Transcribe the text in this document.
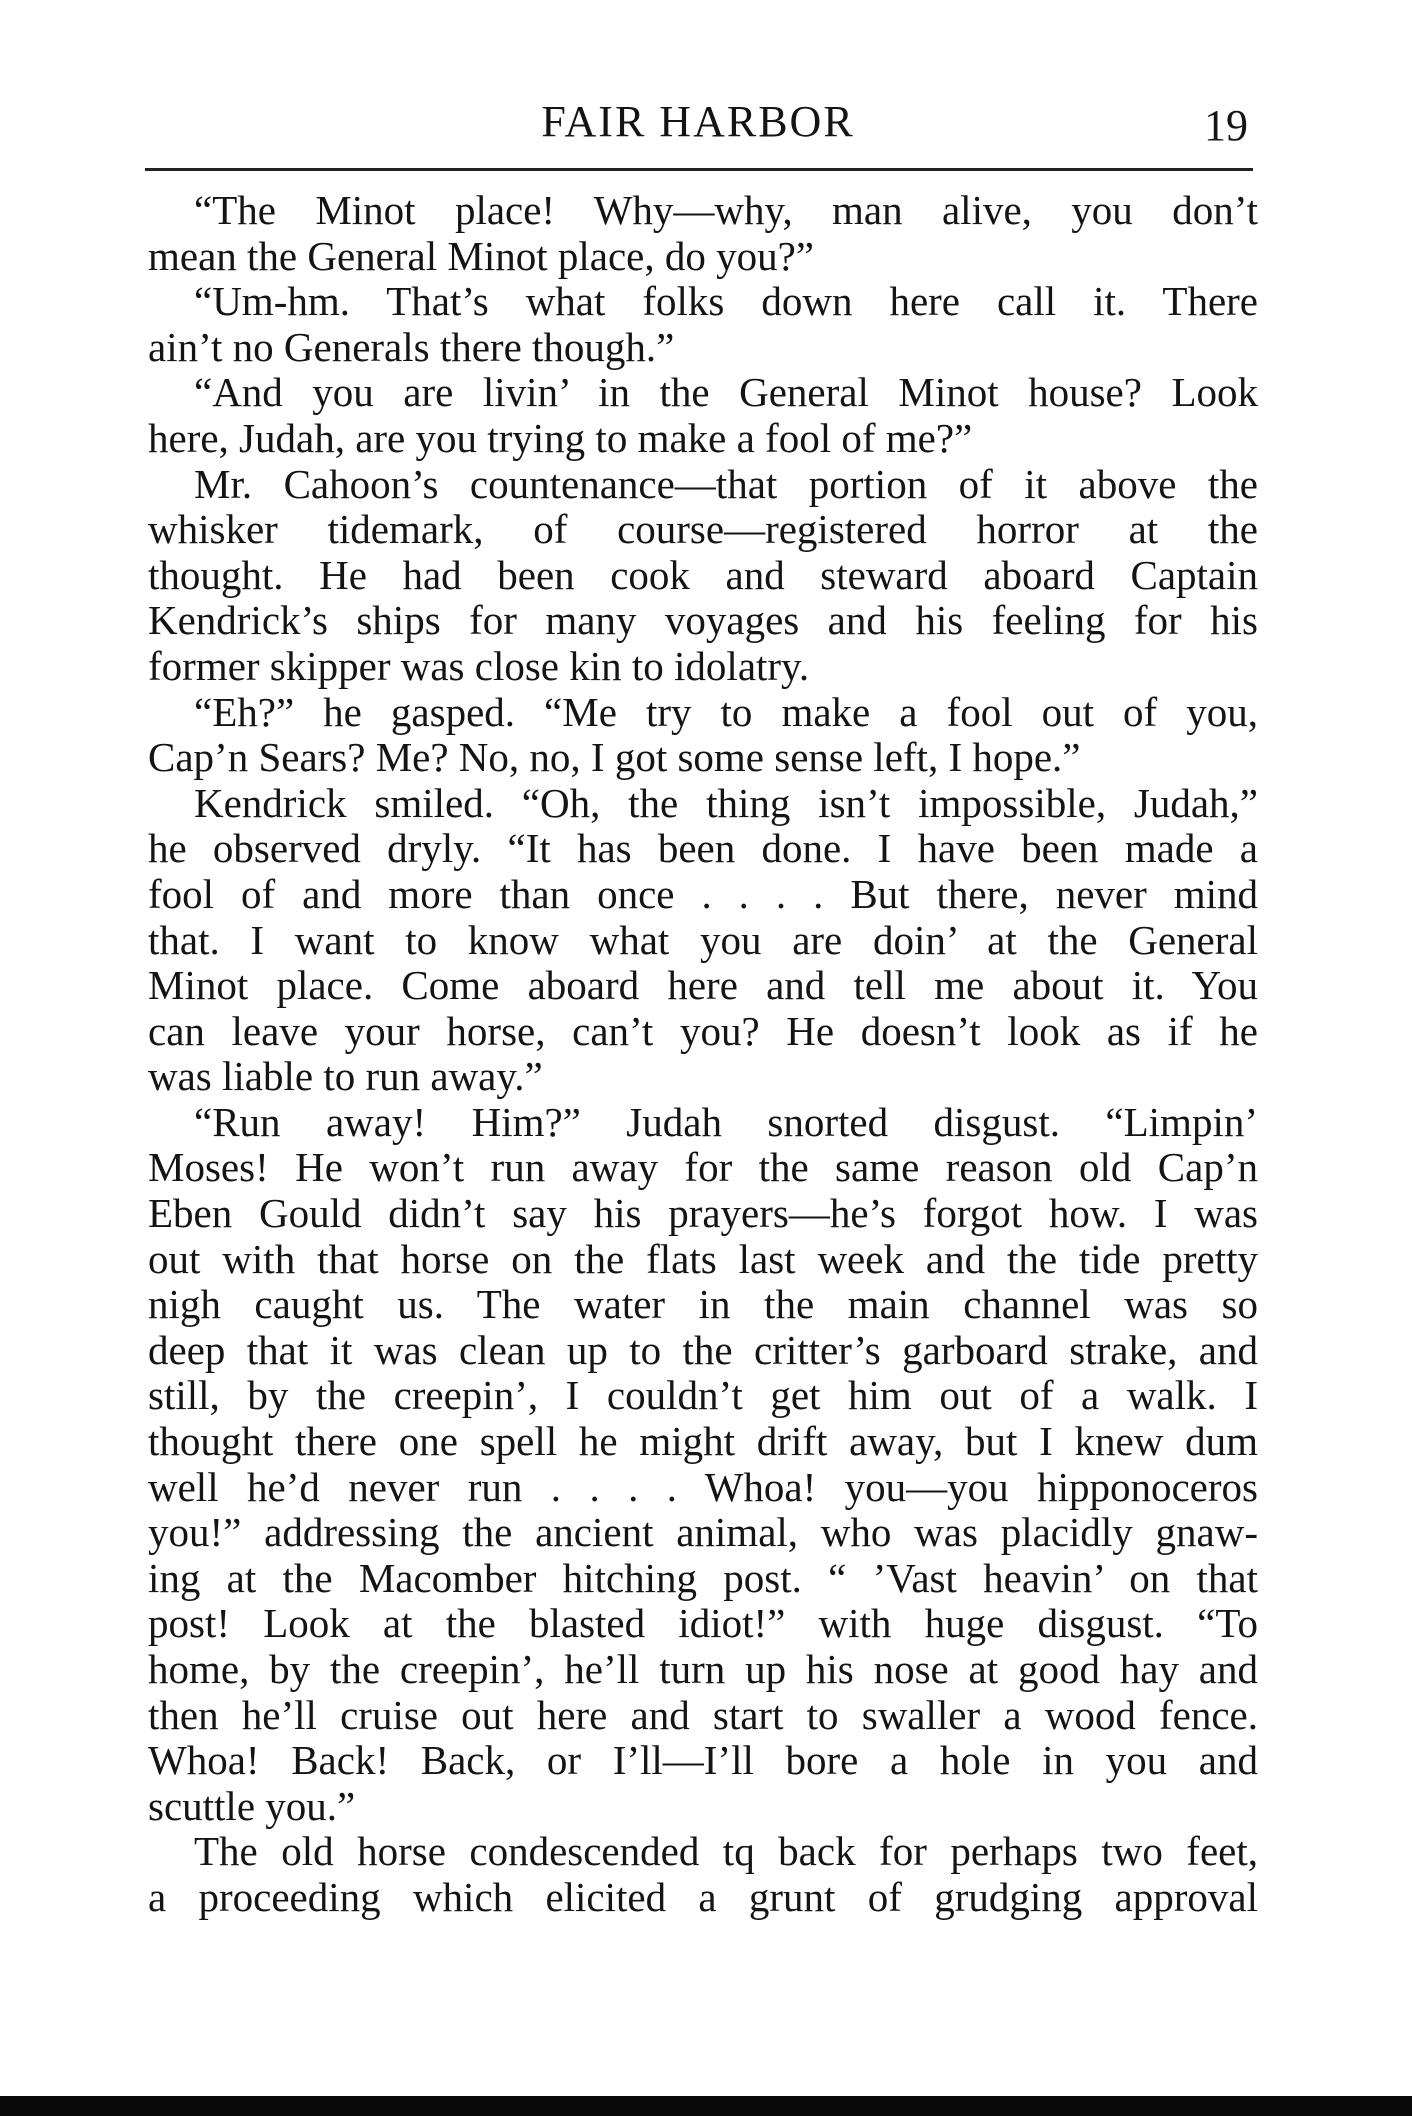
FAIR HARBOR	19
“The Minot place! Why—why, man alive, you don’t
mean the General Minot place, do you?”
“Um-hm. That’s what folks down here call it. There
ain’t no Generals there though.”
“And you are livin’ in the General Minot house? Look
here, Judah, are you trying to make a fool of me?”
Mr. Cahoon’s countenance—that portion of it above the
whisker tidemark, of course—registered horror at the
thought. He had been cook and steward aboard Captain
Kendrick’s ships for many voyages and his feeling for his
former skipper was close kin to idolatry.
“Eh?” he gasped. “Me try to make a fool out of you,
Cap’n Sears? Me? No, no, I got some sense left, I hope.”
Kendrick smiled. “Oh, the thing isn’t impossible, Judah,”
he observed dryly. “It has been done. I have been made a
fool of and more than once . . . . But there, never mind
that. I want to know what you are doin’ at the General
Minot place. Come aboard here and tell me about it. You
can leave your horse, can’t you? He doesn’t look as if he
was liable to run away.”
“Run away! Him?” Judah snorted disgust. “Limpin’
Moses! He won’t run away for the same reason old Cap’n
Eben Gould didn’t say his prayers—he’s forgot how. I was
out with that horse on the flats last week and the tide pretty
nigh caught us. The water in the main channel was so
deep that it was clean up to the critter’s garboard strake, and
still, by the creepin’, I couldn’t get him out of a walk. I
thought there one spell he might drift away, but I knew dum
well he’d never run . . . . Whoa! you—you hipponoceros
you!” addressing the ancient animal, who was placidly gnaw-
ing at the Macomber hitching post. “ ’Vast heavin’ on that
post! Look at the blasted idiot!” with huge disgust. “To
home, by the creepin’, he’ll turn up his nose at good hay and
then he’ll cruise out here and start to swaller a wood fence.
Whoa! Back! Back, or I’ll—I’ll bore a hole in you and
scuttle you.”
The old horse condescended tq back for perhaps two feet,
a proceeding which elicited a grunt of grudging approval
